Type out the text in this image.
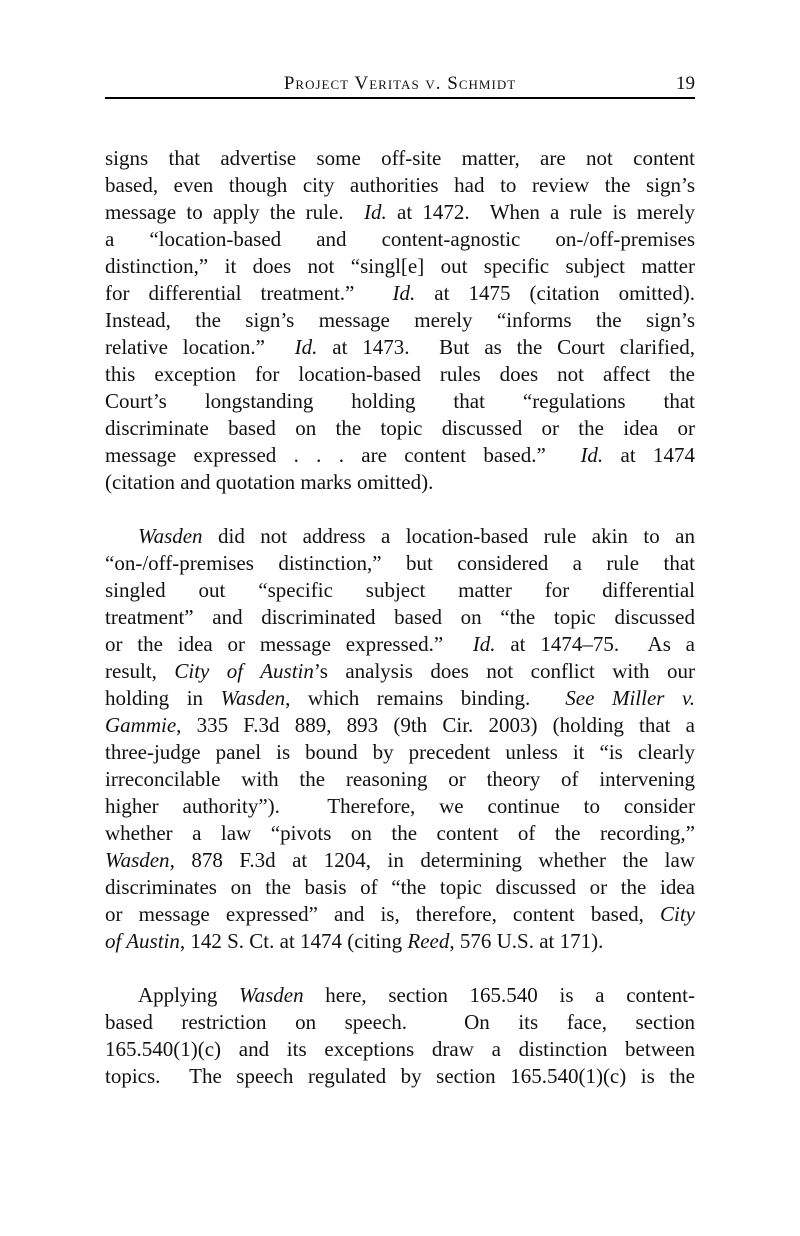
Project Veritas v. Schmidt	19
signs that advertise some off-site matter, are not content
based, even though city authorities had to review the sign’s
message to apply the rule.  Id. at 1472.  When a rule is merely
a “location-based and content-agnostic on-/off-premises
distinction,” it does not “singl[e] out specific subject matter
for differential treatment.”  Id. at 1475 (citation omitted).
Instead, the sign’s message merely “informs the sign’s
relative location.”  Id. at 1473.  But as the Court clarified,
this exception for location-based rules does not affect the
Court’s longstanding holding that “regulations that
discriminate based on the topic discussed or the idea or
message expressed . . . are content based.”  Id. at 1474
(citation and quotation marks omitted).
Wasden did not address a location-based rule akin to an
“on-/off-premises distinction,” but considered a rule that
singled out “specific subject matter for differential
treatment” and discriminated based on “the topic discussed
or the idea or message expressed.”  Id. at 1474–75.  As a
result, City of Austin’s analysis does not conflict with our
holding in Wasden, which remains binding.  See Miller v.
Gammie, 335 F.3d 889, 893 (9th Cir. 2003) (holding that a
three-judge panel is bound by precedent unless it “is clearly
irreconcilable with the reasoning or theory of intervening
higher authority”).  Therefore, we continue to consider
whether a law “pivots on the content of the recording,”
Wasden, 878 F.3d at 1204, in determining whether the law
discriminates on the basis of “the topic discussed or the idea
or message expressed” and is, therefore, content based, City
of Austin, 142 S. Ct. at 1474 (citing Reed, 576 U.S. at 171).
Applying Wasden here, section 165.540 is a content-
based restriction on speech.  On its face, section
165.540(1)(c) and its exceptions draw a distinction between
topics.  The speech regulated by section 165.540(1)(c) is the
